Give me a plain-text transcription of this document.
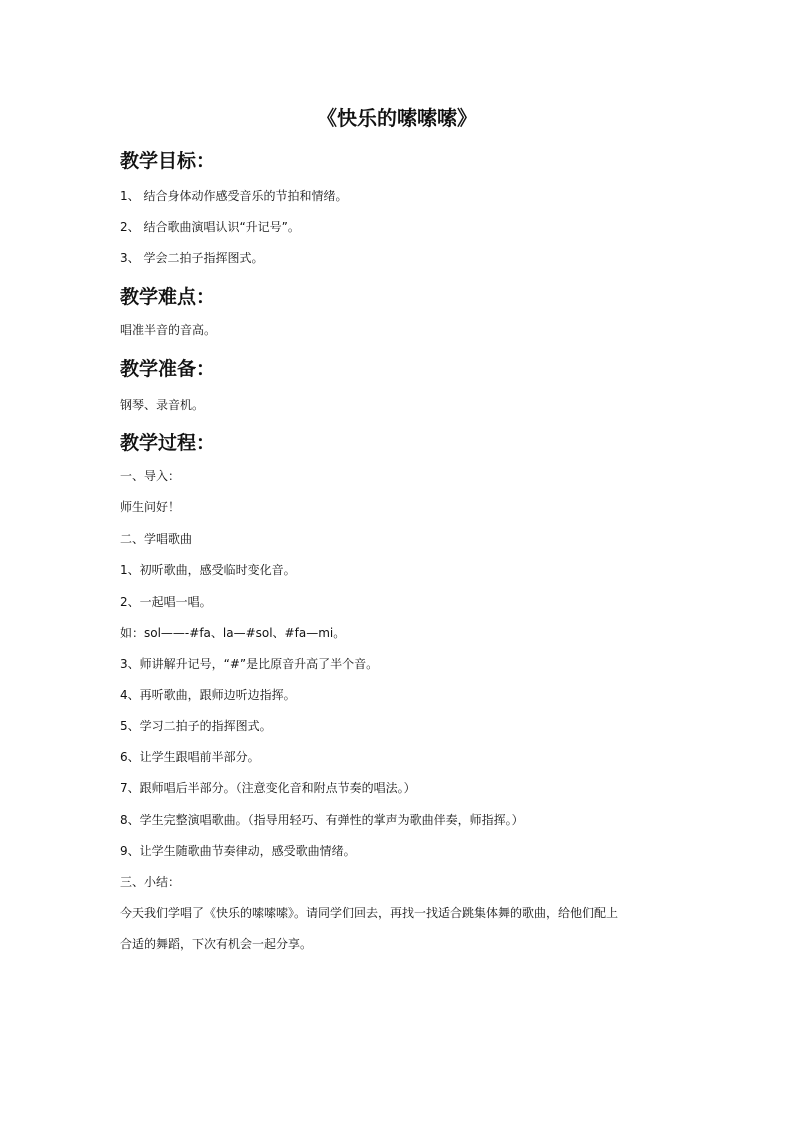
《快乐的嗦嗦嗦》
教学目标：
1、 结合身体动作感受音乐的节拍和情绪。
2、 结合歌曲演唱认识“升记号”。
3、 学会二拍子指挥图式。
教学难点：
唱准半音的音高。
教学准备：
钢琴、录音机。
教学过程：
一、导入：
师生问好！
二、学唱歌曲
1、初听歌曲，感受临时变化音。
2、一起唱一唱。
如：sol——-#fa、la—#sol、#fa—mi。
3、师讲解升记号，“#”是比原音升高了半个音。
4、再听歌曲，跟师边听边指挥。
5、学习二拍子的指挥图式。
6、让学生跟唱前半部分。
7、跟师唱后半部分。（注意变化音和附点节奏的唱法。）
8、学生完整演唱歌曲。（指导用轻巧、有弹性的掌声为歌曲伴奏，师指挥。）
9、让学生随歌曲节奏律动，感受歌曲情绪。
三、小结：
今天我们学唱了《快乐的嗦嗦嗦》。请同学们回去，再找一找适合跳集体舞的歌曲，给他们配上
合适的舞蹈，下次有机会一起分享。
